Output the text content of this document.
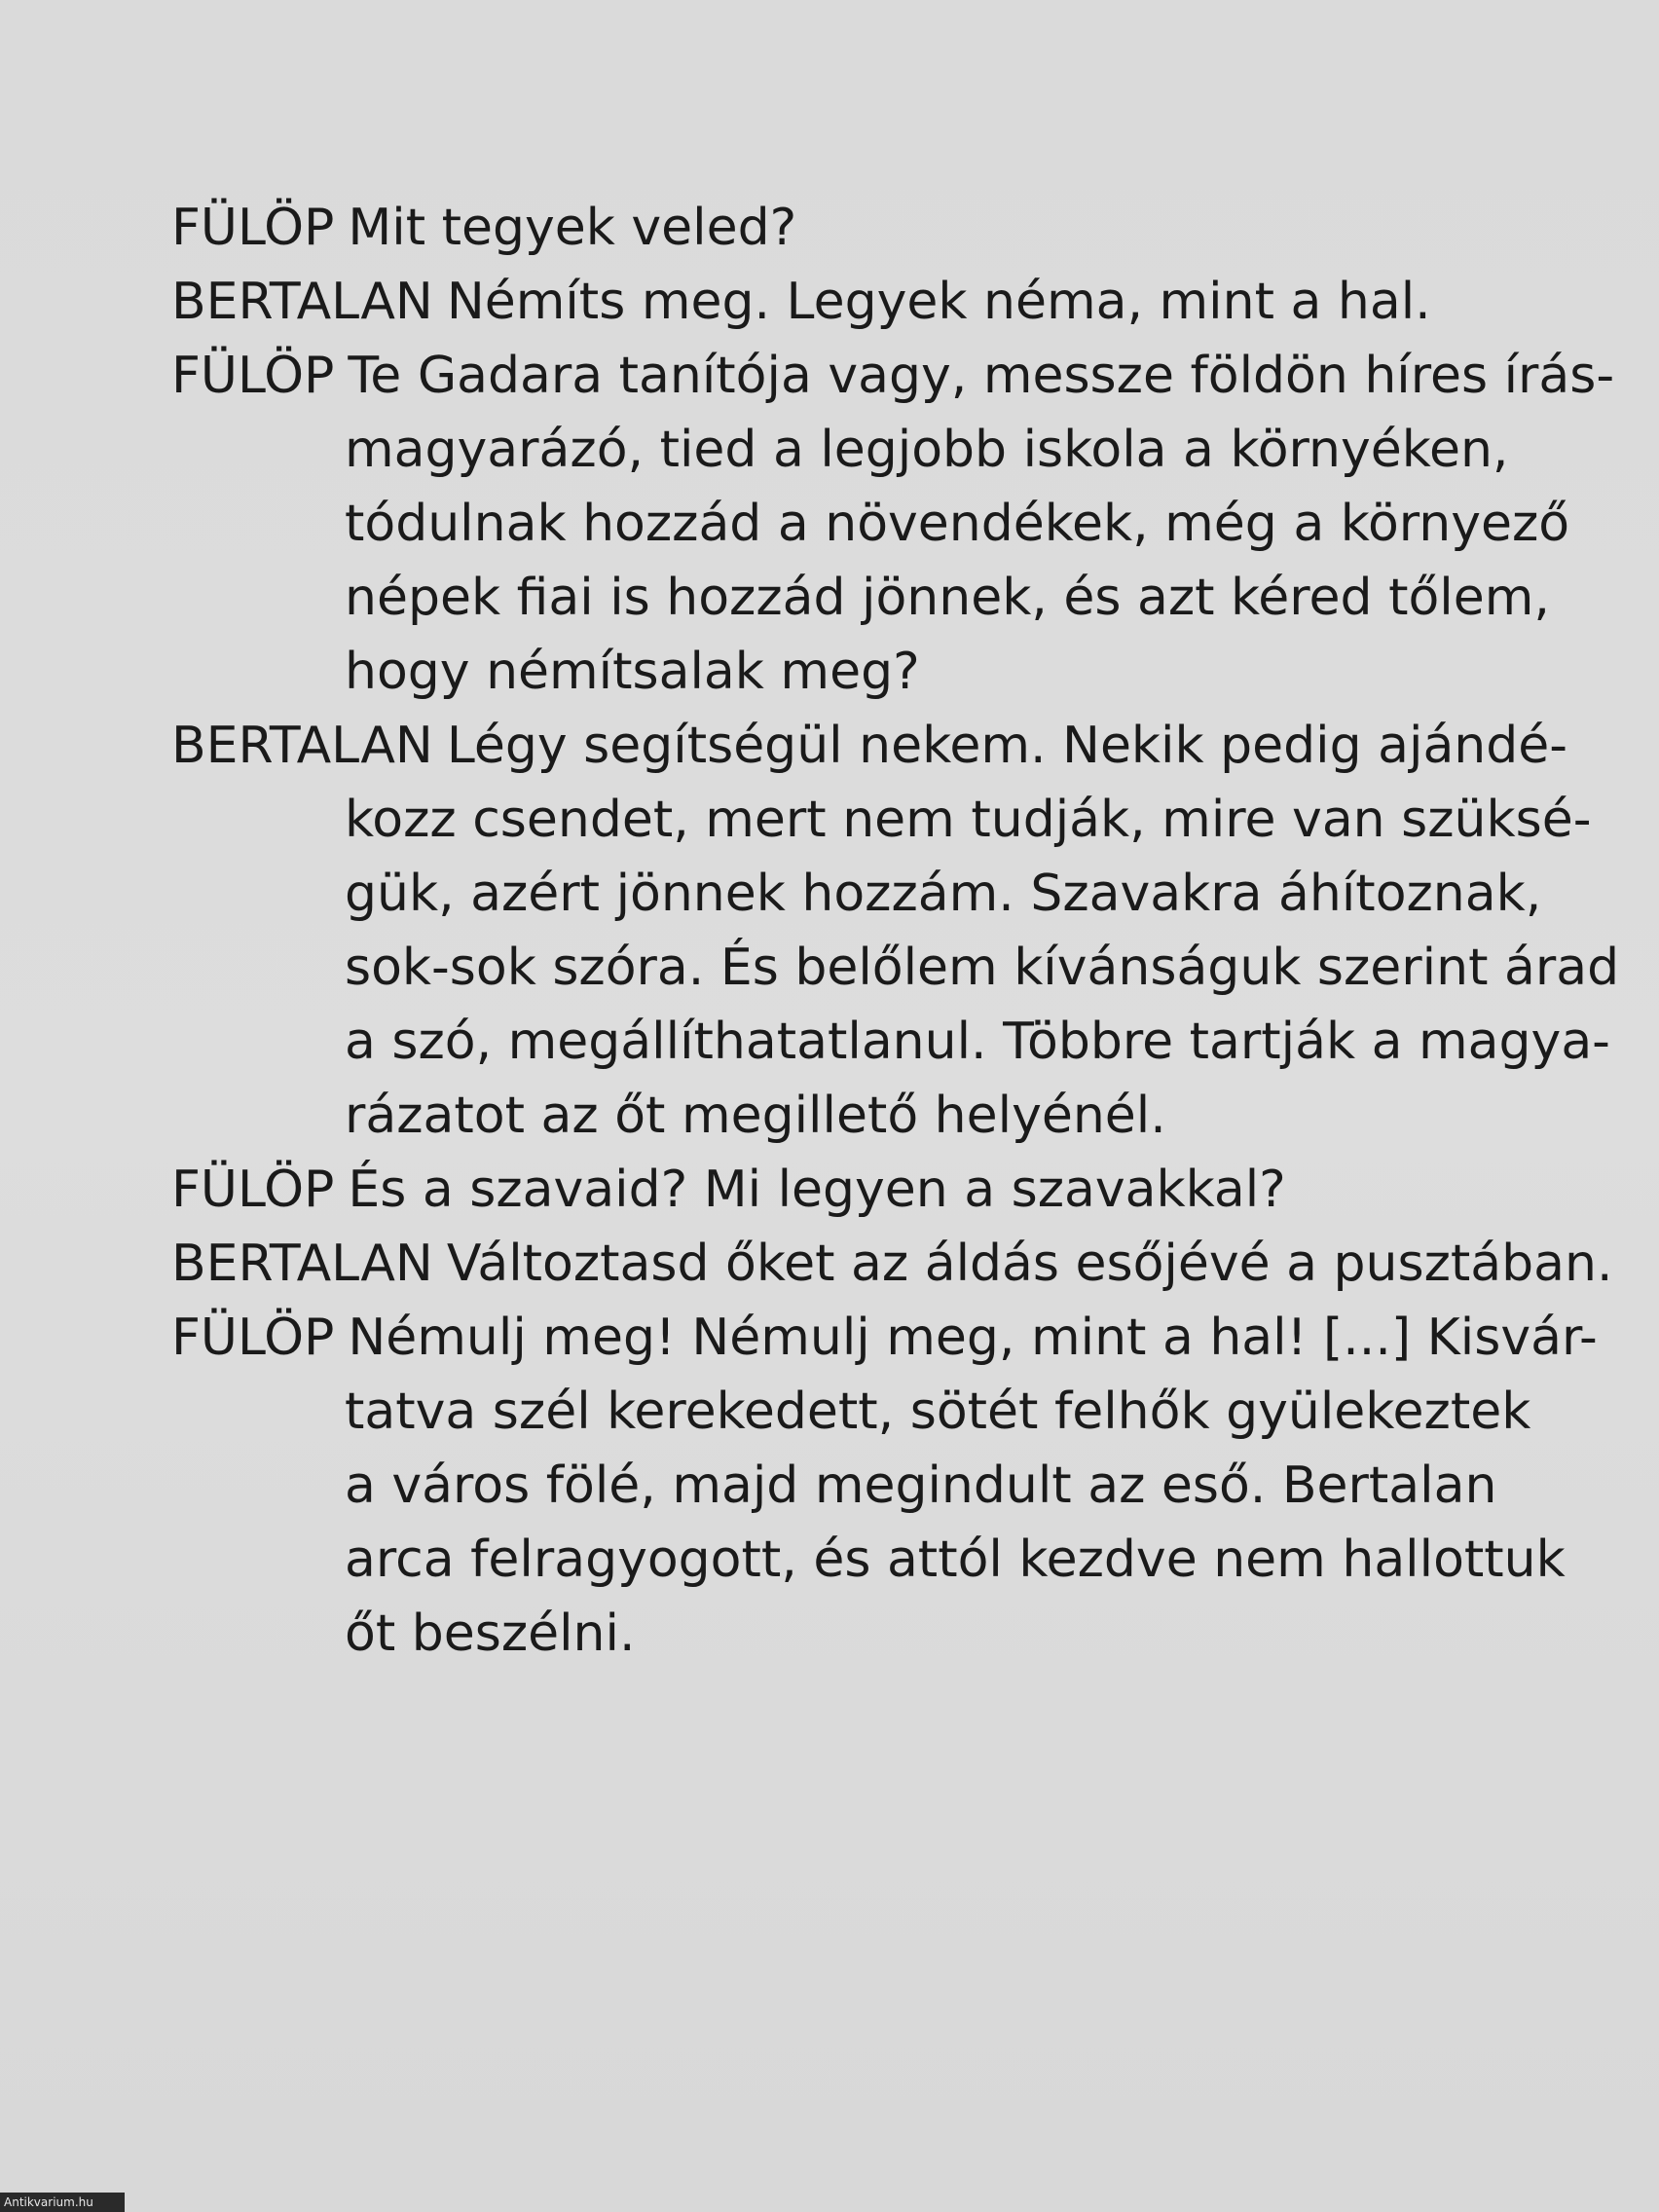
FÜLÖP Mit tegyek veled?
BERTALAN Némíts meg. Legyek néma, mint a hal.
FÜLÖP Te Gadara tanítója vagy, messze földön híres írás-
magyarázó, tied a legjobb iskola a környéken,
tódulnak hozzád a növendékek, még a környező
népek fiai is hozzád jönnek, és azt kéred tőlem,
hogy némítsalak meg?
BERTALAN Légy segítségül nekem. Nekik pedig ajándé-
kozz csendet, mert nem tudják, mire van szüksé-
gük, azért jönnek hozzám. Szavakra áhítoznak,
sok-sok szóra. És belőlem kívánságuk szerint árad
a szó, megállíthatatlanul. Többre tartják a magya-
rázatot az őt megillető helyénél.
FÜLÖP És a szavaid? Mi legyen a szavakkal?
BERTALAN Változtasd őket az áldás esőjévé a pusztában.
FÜLÖP Némulj meg! Némulj meg, mint a hal! [...] Kisvár-
tatva szél kerekedett, sötét felhők gyülekeztek
a város fölé, majd megindult az eső. Bertalan
arca felragyogott, és attól kezdve nem hallottuk
őt beszélni.
Antikvarium.hu
